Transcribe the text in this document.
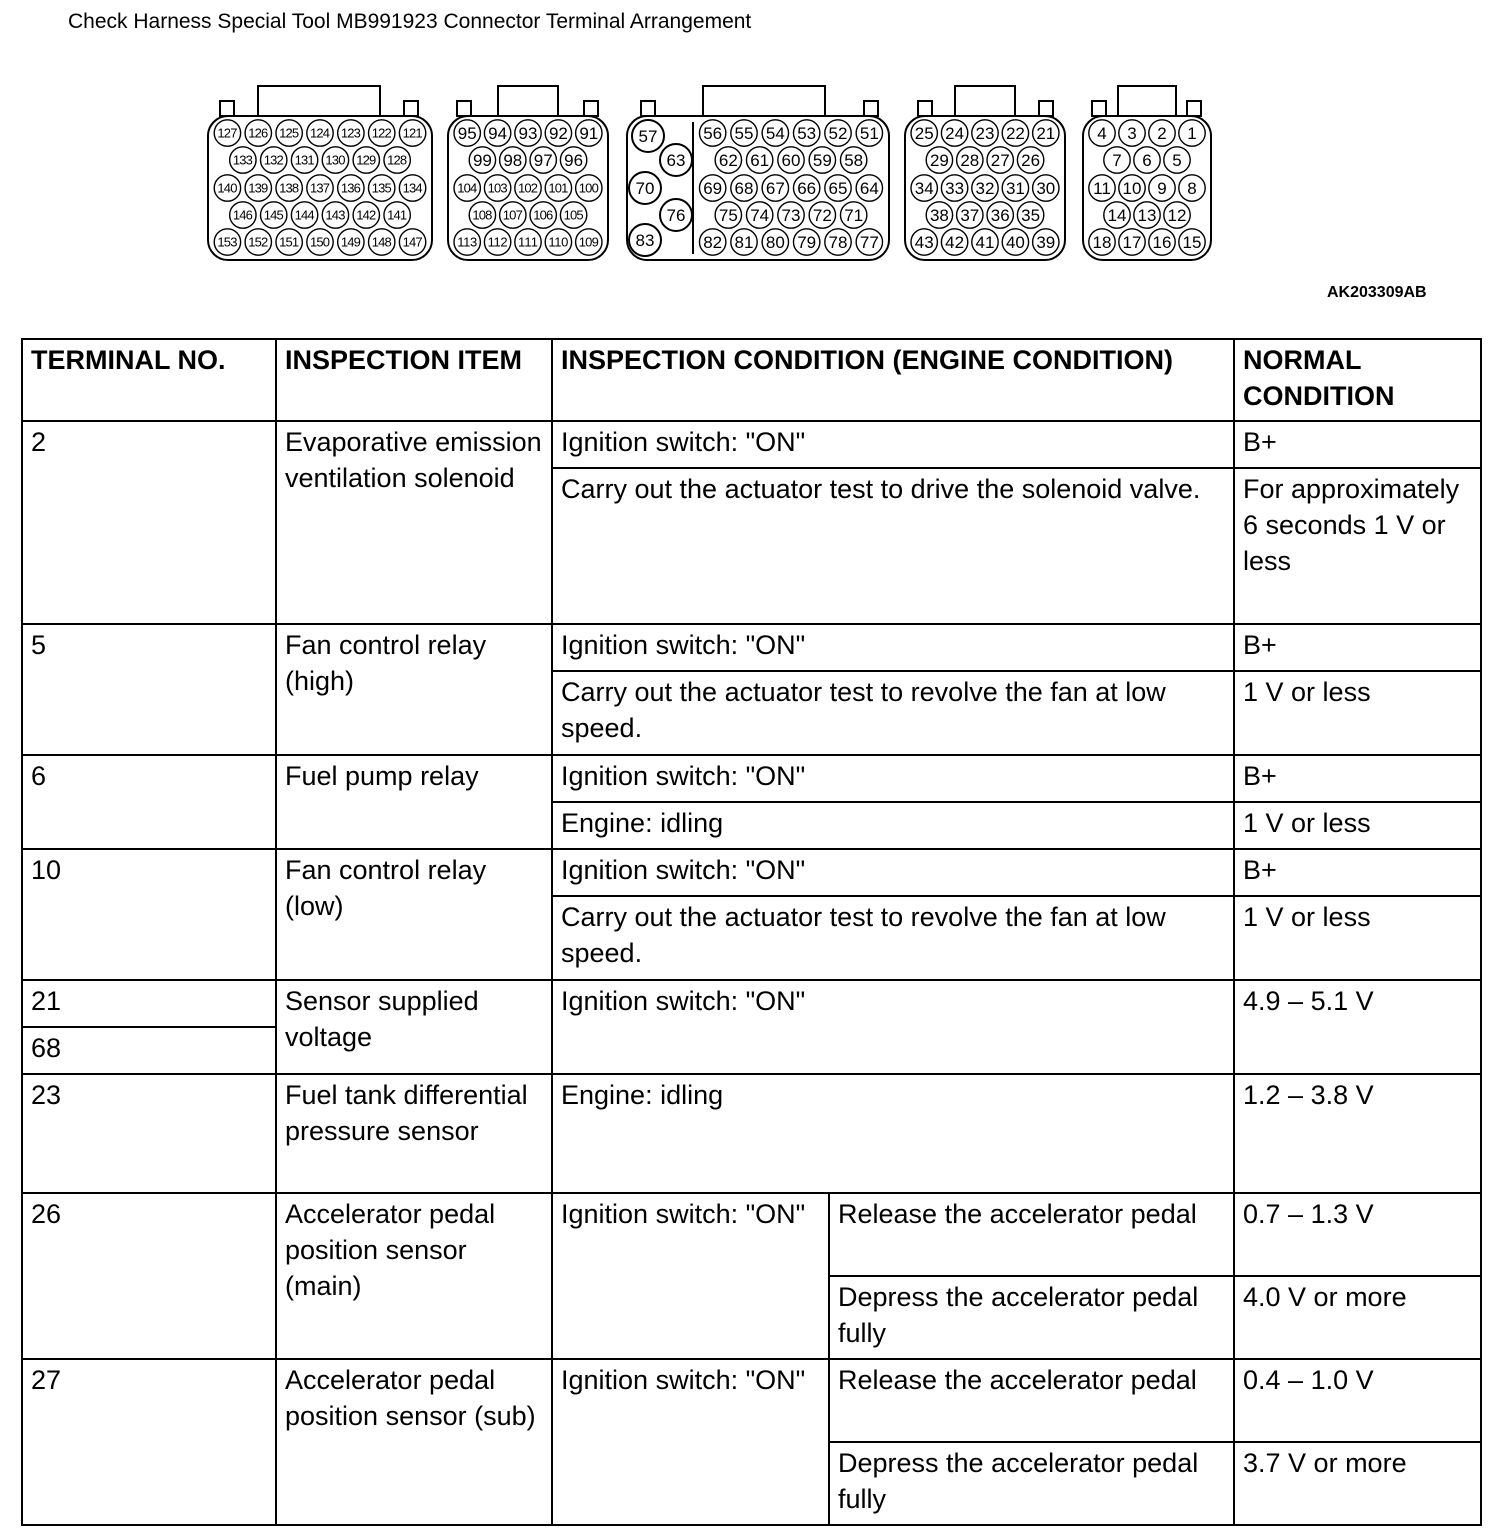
Check Harness Special Tool MB991923 Connector Terminal Arrangement
127 126 125 124 123 122 121
133 132 131 130 129 128
140 139 138 137 136 135 134
146 145 144 143 142 141
153 152 151 150 149 148 147
95 94 93 92 91
99 98 97 96
104 103 102 101 100
108 107 106 105
113 112 111 110 109
57
63
70
76
83
56 55 54 53 52 51
62 61 60 59 58
69 68 67 66 65 64
75 74 73 72 71
82 81 80 79 78 77
25 24 23 22 21
29 28 27 26
34 33 32 31 30
38 37 36 35
43 42 41 40 39
4 3 2 1
7 6 5
11 10 9 8
14 13 12
18 17 16 15
AK203309AB
TERMINAL NO.	INSPECTION ITEM	INSPECTION CONDITION (ENGINE CONDITION)		NORMAL CONDITION
2	Evaporative emission ventilation solenoid	Ignition switch: "ON"		B+
		Carry out the actuator test to drive the solenoid valve.		For approximately 6 seconds 1 V or less
5	Fan control relay (high)	Ignition switch: "ON"		B+
		Carry out the actuator test to revolve the fan at low speed.		1 V or less
6	Fuel pump relay	Ignition switch: "ON"		B+
		Engine: idling		1 V or less
10	Fan control relay (low)	Ignition switch: "ON"		B+
		Carry out the actuator test to revolve the fan at low speed.		1 V or less
21	Sensor supplied voltage	Ignition switch: "ON"		4.9 – 5.1 V
68				
23	Fuel tank differential pressure sensor	Engine: idling		1.2 – 3.8 V
26	Accelerator pedal position sensor (main)	Ignition switch: "ON"	Release the accelerator pedal	0.7 – 1.3 V
			Depress the accelerator pedal fully	4.0 V or more
27	Accelerator pedal position sensor (sub)	Ignition switch: "ON"	Release the accelerator pedal	0.4 – 1.0 V
			Depress the accelerator pedal fully	3.7 V or more
